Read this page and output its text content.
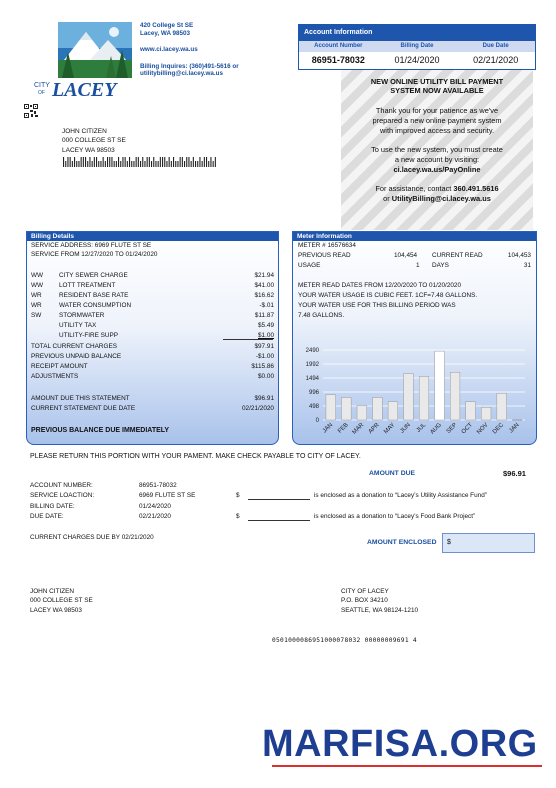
CITY
OF LACEY
420 College St SE
Lacey, WA 98503
www.ci.lacey.wa.us
Billing Inquires: (360)491-5616 or
utilitybilling@ci.lacey.wa.us
JOHN CITIZEN
000 COLLEGE ST SE
LACEY WA 98503
Account Information
Account Number	Billing Date	Due Date
86951-78032	01/24/2020	02/21/2020
NEW ONLINE UTILITY BILL PAYMENT
SYSTEM NOW AVAILABLE

Thank you for your patience as we've
prepared a new online payment system
with improved access and security.

To use the new system, you must create
a new account by visiting:
ci.lacey.wa.us/PayOnline

For assistance, contact 360.491.5616
or UtilityBilling@ci.lacey.wa.us

Billing Details
SERVICE ADDRESS: 6969 FLUTE ST SE
SERVICE FROM 12/27/2020 TO 01/24/2020
WW CITY SEWER CHARGE	$21.94
WW LOTT TREATMENT	$41.00
WR	RESIDENT BASE RATE	$16.62
WR	WATER CONSUMPTION	-$.01
SW	STORMWATER	$11.87
UTILITY TAX	$5.49
UTILITY-FIRE SUPP	$1.00
TOTAL CURRENT CHARGES	$97.91
PREVIOUS UNPAID BALANCE	-$1.00
RECEIPT AMOUNT	$115.86
ADJUSTMENTS	$0.00
AMOUNT DUE THIS STATEMENT	$96.91
CURRENT STATEMENT DUE DATE	02/21/2020
PREVIOUS BALANCE DUE IMMEDIATELY
Meter Information
METER # 16576634
PREVIOUS READ	104,454 CURRENT READ	104,453
USAGE	1 DAYS	31
METER READ DATES FROM 12/20/2020 TO 01/20/2020
YOUR WATER USAGE IS CUBIC FEET. 1CF=7.48 GALLONS.
YOUR WATER USE FOR THIS BILLING PERIOD WAS
7.48 GALLONS.
2490
1992
1494
996
498
0
JAN FEB MAR APR MAY JUN JUL AUG SEP OCT NOV DEC JAN
PLEASE RETURN THIS PORTION WITH YOUR PAMENT. MAKE CHECK PAYABLE TO CITY OF LACEY.
AMOUNT DUE	$96.91
ACCOUNT NUMBER:	86951-78032
SERVICE LOACTION:	6969 FLUTE ST SE
BILLING DATE:	01/24/2020
DUE DATE:	02/21/2020
$	is enclosed as a donation to “Lacey’s Utility Assistance Fund”
$	is enclosed as a donation to “Lacey’s Food Bank Project”
CURRENT CHARGES DUE BY 02/21/2020
AMOUNT ENCLOSED	$
JOHN CITIZEN
000 COLLEGE ST SE
LACEY WA 98503
CITY OF LACEY
P.O. BOX 34210
SEATTLE, WA 98124-1210
0501000086951000078032 00000009691 4
MARFISA.ORG
